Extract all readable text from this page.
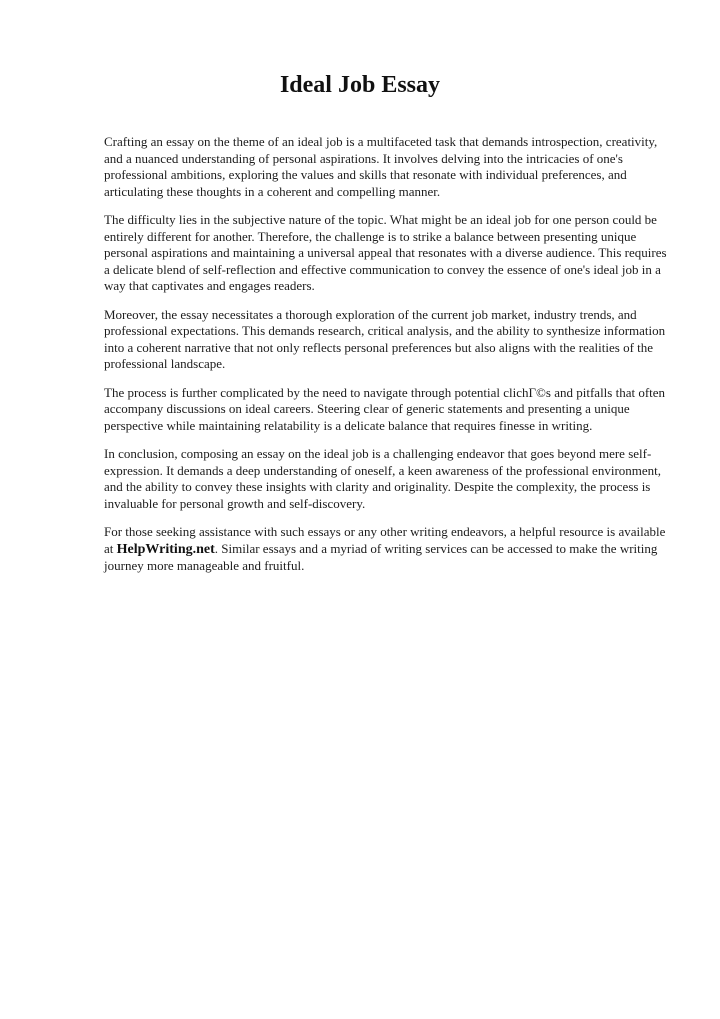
Ideal Job Essay

Crafting an essay on the theme of an ideal job is a multifaceted task that demands introspection, creativity, and a nuanced understanding of personal aspirations. It involves delving into the intricacies of one's professional ambitions, exploring the values and skills that resonate with individual preferences, and articulating these thoughts in a coherent and compelling manner.

The difficulty lies in the subjective nature of the topic. What might be an ideal job for one person could be entirely different for another. Therefore, the challenge is to strike a balance between presenting unique personal aspirations and maintaining a universal appeal that resonates with a diverse audience. This requires a delicate blend of self-reflection and effective communication to convey the essence of one's ideal job in a way that captivates and engages readers.

Moreover, the essay necessitates a thorough exploration of the current job market, industry trends, and professional expectations. This demands research, critical analysis, and the ability to synthesize information into a coherent narrative that not only reflects personal preferences but also aligns with the realities of the professional landscape.

The process is further complicated by the need to navigate through potential clichГ©s and pitfalls that often accompany discussions on ideal careers. Steering clear of generic statements and presenting a unique perspective while maintaining relatability is a delicate balance that requires finesse in writing.

In conclusion, composing an essay on the ideal job is a challenging endeavor that goes beyond mere self-expression. It demands a deep understanding of oneself, a keen awareness of the professional environment, and the ability to convey these insights with clarity and originality. Despite the complexity, the process is invaluable for personal growth and self-discovery.

For those seeking assistance with such essays or any other writing endeavors, a helpful resource is available at HelpWriting.net. Similar essays and a myriad of writing services can be accessed to make the writing journey more manageable and fruitful.
